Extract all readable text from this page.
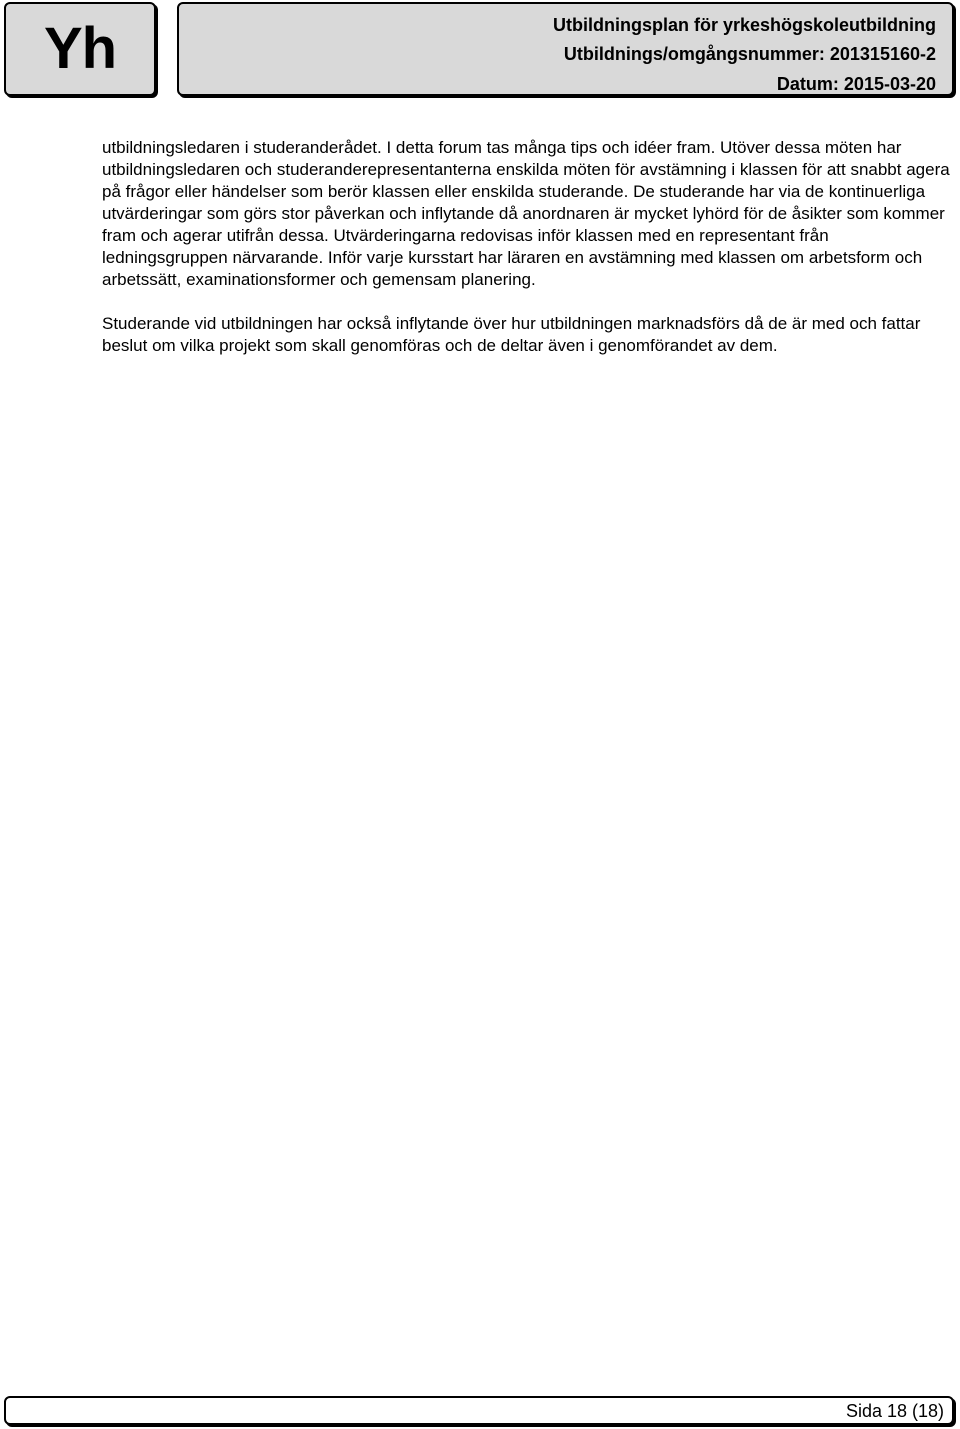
Yh	Utbildningsplan för yrkeshögskoleutbildning
Utbildnings/omgångsnummer: 201315160-2
Datum: 2015-03-20

utbildningsledaren i studeranderådet. I detta forum tas många tips och idéer fram. Utöver dessa möten har utbildningsledaren och studeranderepresentanterna enskilda möten för avstämning i klassen för att snabbt agera på frågor eller händelser som berör klassen eller enskilda studerande. De studerande har via de kontinuerliga utvärderingar som görs stor påverkan och inflytande då anordnaren är mycket lyhörd för de åsikter som kommer fram och agerar utifrån dessa. Utvärderingarna redovisas inför klassen med en representant från ledningsgruppen närvarande. Inför varje kursstart har läraren en avstämning med klassen om arbetsform och arbetssätt, examinationsformer och gemensam planering.

Studerande vid utbildningen har också inflytande över hur utbildningen marknadsförs då de är med och fattar beslut om vilka projekt som skall genomföras och de deltar även i genomförandet av dem.

Sida 18 (18)
